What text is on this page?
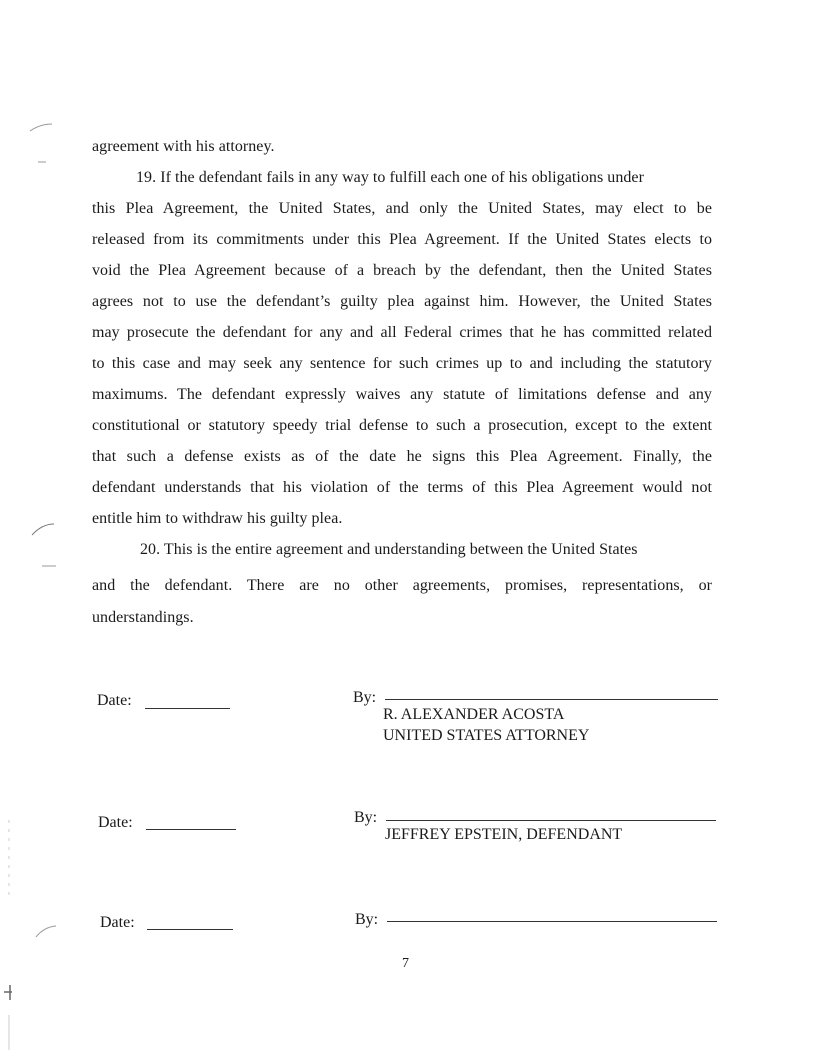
agreement with his attorney.
19. If the defendant fails in any way to fulfill each one of his obligations under
this Plea Agreement, the United States, and only the United States, may elect to be
released from its commitments under this Plea Agreement. If the United States elects to
void the Plea Agreement because of a breach by the defendant, then the United States
agrees not to use the defendant’s guilty plea against him. However, the United States
may prosecute the defendant for any and all Federal crimes that he has committed related
to this case and may seek any sentence for such crimes up to and including the statutory
maximums. The defendant expressly waives any statute of limitations defense and any
constitutional or statutory speedy trial defense to such a prosecution, except to the extent
that such a defense exists as of the date he signs this Plea Agreement. Finally, the
defendant understands that his violation of the terms of this Plea Agreement would not
entitle him to withdraw his guilty plea.
20. This is the entire agreement and understanding between the United States
and the defendant. There are no other agreements, promises, representations, or
understandings.
Date:	By:
R. ALEXANDER ACOSTA
UNITED STATES ATTORNEY
Date:	By:
JEFFREY EPSTEIN, DEFENDANT
Date:	By:
7
